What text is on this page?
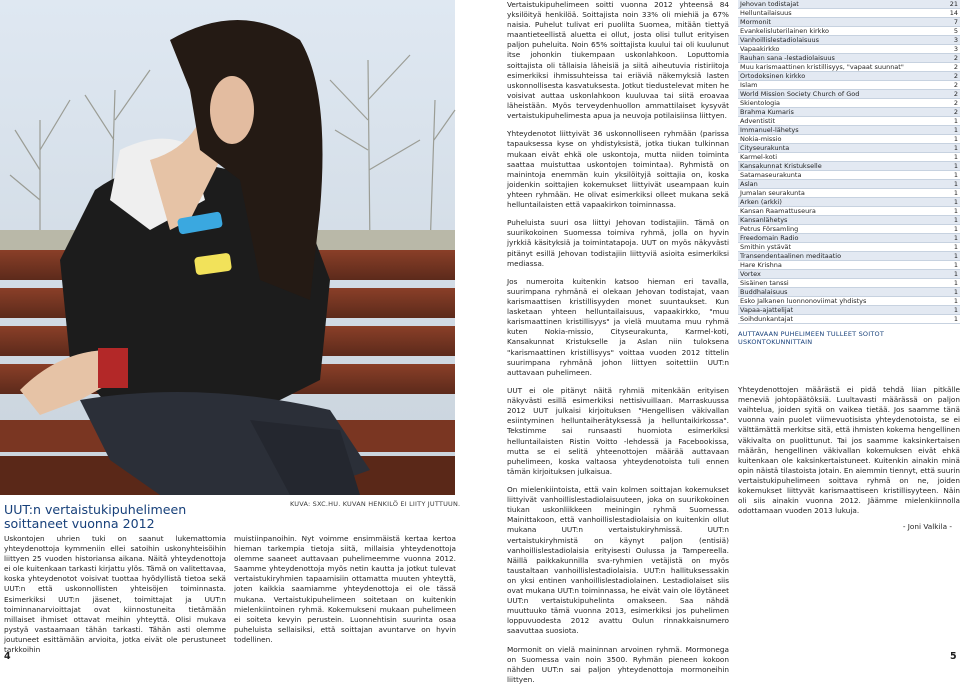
KUVA: SXC.HU. KUVAN HENKILÖ EI LIITY JUTTUUN.
UUT:n vertaistukipuhelimeen soittaneet vuonna 2012
Uskontojen uhrien tuki on saanut lukemattomia yhteydenottoja kymmeniin ellei satoihin uskonyhteisöihin liittyen 25 vuoden historiansa aikana. Näitä yhteydenottoja ei ole kuitenkaan tarkasti kirjattu ylös. Tämä on valitettavaa, koska yhteydenotot voisivat tuottaa hyödyllistä tietoa sekä UUT:n että uskonnollisten yhteisöjen toiminnasta. Esimerkiksi UUT:n jäsenet, toimittajat ja UUT:n toiminnanarvioittajat ovat kiinnostuneita tietämään millaiset ihmiset ottavat meihin yhteyttä. Olisi mukava pystyä vastaamaan tähän tarkasti. Tähän asti olemme joutuneet esittämään arvioita, jotka eivät ole perustuneet tarkkoihin
muistiinpanoihin. Nyt voimme ensimmäistä kertaa kertoa hieman tarkempia tietoja siitä, millaisia yhteydenottoja olemme saaneet auttavaan puhelimeemme vuonna 2012. Saamme yhteydenottoja myös netin kautta ja jotkut tulevat vertaistukiryhmien tapaamisiin ottamatta muuten yhteyttä, joten kaikkia saamiamme yhteydenottoja ei ole tässä mukana. Vertaistukipuhelimeen soitetaan on kuitenkin mielenkiintoinen ryhmä. Kokemukseni mukaan puhelimeen ei soiteta kevyin perustein. Luonnehtisin suurinta osaa puheluista sellaisiksi, että soittajan avuntarve on hyvin todellinen.
4

Vertaistukipuhelimeen soitti vuonna 2012 yhteensä 84 yksilöityä henkilöä. Soittajista noin 33% oli miehiä ja 67% naisia. Puhelut tulivat eri puolilta Suomea, mitään tiettyä maantieteellistä aluetta ei ollut, josta olisi tullut erityisen paljon puheluita. Noin 65% soittajista kuului tai oli kuulunut itse johonkin tiukempaan uskonlahkoon. Loputtomia soittajista oli tällaisia läheisiä ja siitä aiheutuvia ristiriitoja esimerkiksi ihmissuhteissa tai eriäviä näkemyksiä lasten uskonnollisesta kasvatuksesta. Jotkut tiedustelevat miten he voisivat auttaa uskonlahkoon kuuluvaa tai siitä eroavaa läheistään. Myös terveydenhuollon ammattilaiset kysyvät vertaistukipuhelimesta apua ja neuvoja potilaisiinsa liittyen.

Yhteydenotot liittyivät 36 uskonnolliseen ryhmään (parissa tapauksessa kyse on yhdistyksistä, jotka tiukan tulkinnan mukaan eivät ehkä ole uskontoja, mutta niiden toiminta saattaa muistuttaa uskontojen toimintaa). Ryhmistä on mainintoja enemmän kuin yksilöityjä soittajia on, koska joidenkin soittajien kokemukset liittyivät useampaan kuin yhteen ryhmään. He olivat esimerkiksi olleet mukana sekä helluntailaisten että vapaakirkon toiminnassa.

Puheluista suuri osa liittyi Jehovan todistajiin. Tämä on suurikokoinen Suomessa toimiva ryhmä, jolla on hyvin jyrkkiä käsityksiä ja toimintatapoja. UUT on myös näkyvästi pitänyt esillä Jehovan todistajiin liittyviä asioita esimerkiksi mediassa.

Jos numeroita kuitenkin katsoo hieman eri tavalla, suurimpana ryhmänä ei olekaan Jehovan todistajat, vaan karismaattisen kristillisyyden monet suuntaukset. Kun lasketaan yhteen helluntailaisuus, vapaakirkko, "muu karismaattinen kristillisyys" ja vielä muutama muu ryhmä kuten Nokia-missio, Cityseurakunta, Karmel-koti, Kansakunnat Kristukselle ja Aslan niin tuloksena "karismaattinen kristillisyys" voittaa vuoden 2012 tittelin suurimpana ryhmänä johon liittyen soitettiin UUT:n auttavaan puhelimeen.

UUT ei ole pitänyt näitä ryhmiä mitenkään erityisen näkyvästi esillä esimerkiksi nettisivuillaan. Marraskuussa 2012 UUT julkaisi kirjoituksen "Hengellisen väkivallan esiintyminen helluntaiherätyksessä ja helluntaikirkossa". Tekstimme sai runsaasti huomiota esimerkiksi helluntailaisten Ristin Voitto -lehdessä ja Facebookissa, mutta se ei selitä yhteenottojen määrää auttavaan puhelimeen, koska valtaosa yhteydenotoista tuli ennen tämän kirjoituksen julkaisua.

On mielenkiintoista, että vain kolmen soittajan kokemukset liittyivät vanhoillislestadiolaisuuteen, joka on suurikokoinen tiukan uskonliikkeen meiningin ryhmä Suomessa. Mainittakoon, että vanhoillislestadiolaisia on kuitenkin ollut mukana UUT:n vertaistukiryhmissä. UUT:n vertaistukiryhmistä on käynyt paljon (entisiä) vanhoillislestadiolaisia erityisesti Oulussa ja Tampereella. Näillä paikkakunnilla sva-ryhmien vetäjistä on myös taustaltaan vanhoillislestadiolaisia. UUT:n hallituksessakin on yksi entinen vanhoillislestadiolainen. Lestadiolaiset siis ovat mukana UUT:n toiminnassa, he eivät vain ole löytäneet UUT:n vertaistukipuhelinta omakseen. Saa nähdä muuttuuko tämä vuonna 2013, esimerkiksi jos puhelimen loppuvuodesta 2012 avattu Oulun rinnakkaisnumero saavuttaa suosiota.

Mormonit on vielä maininnan arvoinen ryhmä. Mormonega on Suomessa vain noin 3500. Ryhmän pieneen kokoon nähden UUT:n sai paljon yhteydenottoja mormoneihin liittyen.

Jehovan todistajat	21
Helluntailaisuus	14
Mormonit	7
Evankelisluterilainen kirkko	5
Vanhoillislestadiolaisuus	3
Vapaakirkko	3
Rauhan sana -lestadiolaisuus	2
Muu karismaattinen kristillisyys, "vapaat suunnat"	2
Ortodoksinen kirkko	2
Islam	2
World Mission Society Church of God	2
Skientologia	2
Brahma Kumaris	2
Adventistit	1
Immanuel-lähetys	1
Nokia-missio	1
Cityseurakunta	1
Karmel-koti	1
Kansakunnat Kristukselle	1
Satamaseurakunta	1
Aslan	1
Jumalan seurakunta	1
Arken (arkki)	1
Kansan Raamattuseura	1
Kansanlähetys	1
Petrus Församling	1
Freedomain Radio	1
Smithin ystävät	1
Transendentaalinen meditaatio	1
Hare Krishna	1
Vortex	1
Sisäinen tanssi	1
Buddhalaisuus	1
Esko Jalkanen luonnonoviimat yhdistys	1
Vapaa-ajattelijat	1
Soihdunkantajat	1
AUTTAVAAN PUHELIMEEN TULLEET SOITOT USKONTOKUNNITTAIN
Yhteydenottojen määrästä ei pidä tehdä liian pitkälle meneviä johtopäätöksiä. Luultavasti määrässä on paljon vaihtelua, joiden syitä on vaikea tietää. Jos saamme tänä vuonna vain puolet viimevuotisista yhteydenotoista, se ei välttämättä merkitse sitä, että ihmisten kokema hengellinen väkivalta on puolittunut. Tai jos saamme kaksinkertaisen määrän, hengellinen väkivallan kokemuksen eivät ehkä kuitenkaan ole kaksinkertaistuneet. Kuitenkin ainakin minä opin näistä tilastoista jotain. En aiemmin tiennyt, että suurin vertaistukipuhelimeen soittava ryhmä on ne, joiden kokemukset liittyvät karismaattiseen kristillisyyteen. Näin oli siis ainakin vuonna 2012. Jäämme mielenkiinnolla odottamaan vuoden 2013 lukuja.
- Joni Valkila -
5
